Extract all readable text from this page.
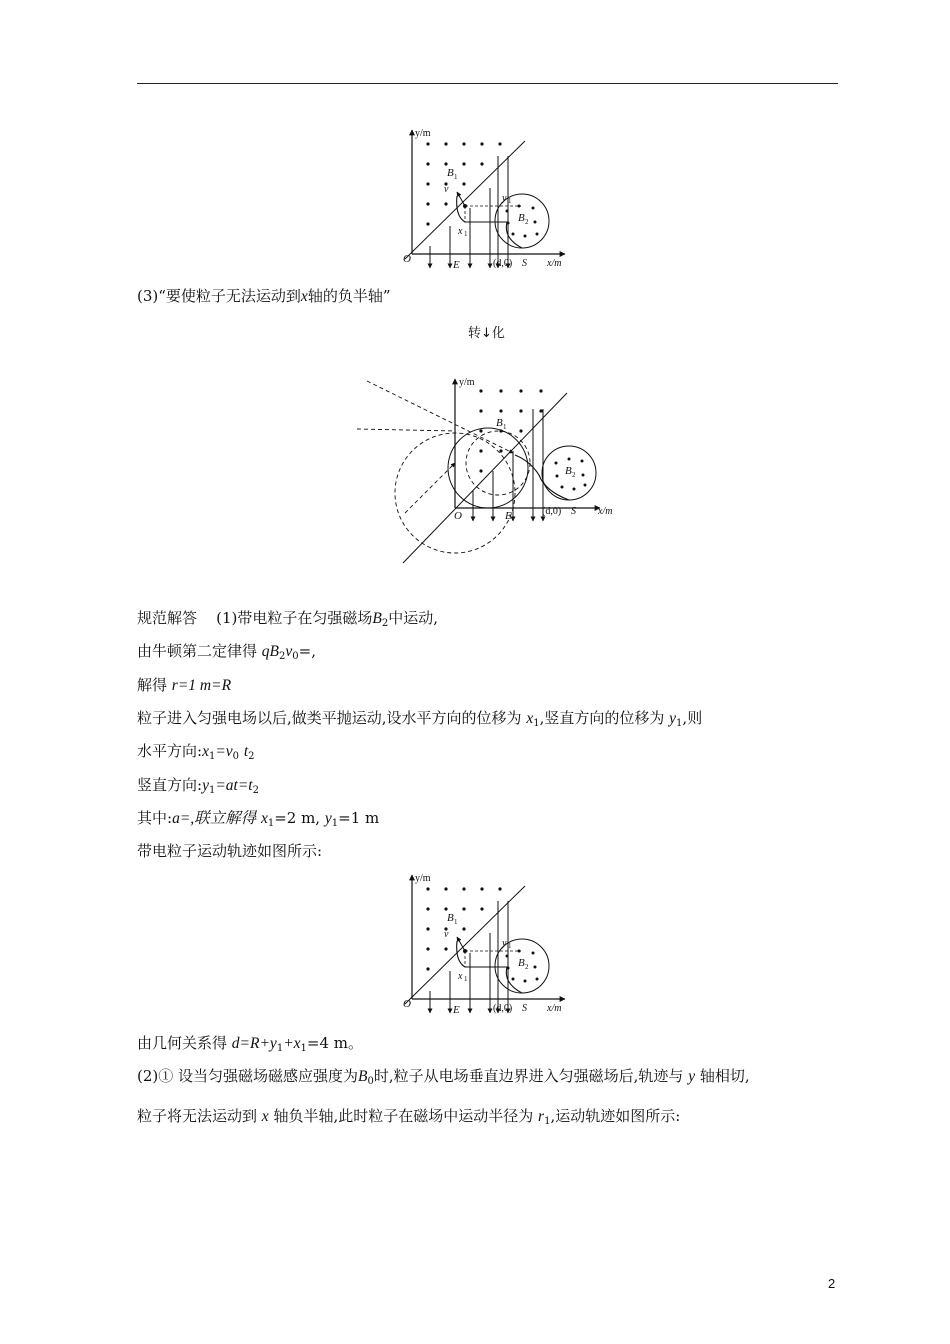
y/m
x/m
O	E
B 1
B 2
v
y 1
x 1
(d,0) S
(3)“要使粒子无法运动到x轴的负半轴”
转↓化
y/m
x/m
O	E
B 1
B 2
(d,0) S
规范解答 (1)带电粒子在匀强磁场$B_2$中运动,
由牛顿第二定律得 $qB_2v_0=$,
解得 r=1 m=R
粒子进入匀强电场以后,做类平抛运动,设水平方向的位移为 $x_1$,竖直方向的位移为 $y_1$,则
水平方向$:x_1=v_0$ $t_2$
竖直方向$:y_1=at=t_2$
其中:a=,联立解得 $x_1=2$ m, $y_1=1$ m
带电粒子运动轨迹如图所示:
y/m
x/m
O	E
B 1
B 2
v
y 1
x 1
(d,0) S
由几何关系得 $d=R+y_1+x_1=4$ m。
(2)① 设当匀强磁场磁感应强度为$B_0$时,粒子从电场垂直边界进入匀强磁场后,轨迹与 y 轴相切,
粒子将无法运动到 x 轴负半轴,此时粒子在磁场中运动半径为 $r_1$,运动轨迹如图所示:
2
